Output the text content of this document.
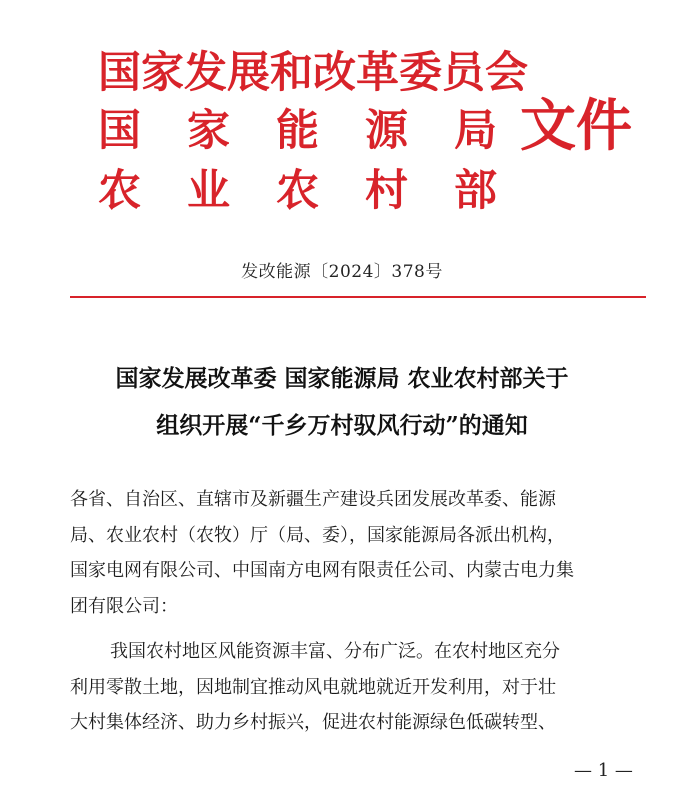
国家发展和改革委员会
国家能源局
农业农村部
文件
发改能源〔2024〕378号
国家发展改革委 国家能源局 农业农村部关于
组织开展“千乡万村驭风行动”的通知
各省、自治区、直辖市及新疆生产建设兵团发展改革委、能源
局、农业农村（农牧）厅（局、委），国家能源局各派出机构，
国家电网有限公司、中国南方电网有限责任公司、内蒙古电力集
团有限公司：
我国农村地区风能资源丰富、分布广泛。在农村地区充分
利用零散土地，因地制宜推动风电就地就近开发利用，对于壮
大村集体经济、助力乡村振兴，促进农村能源绿色低碳转型、
— 1 —
